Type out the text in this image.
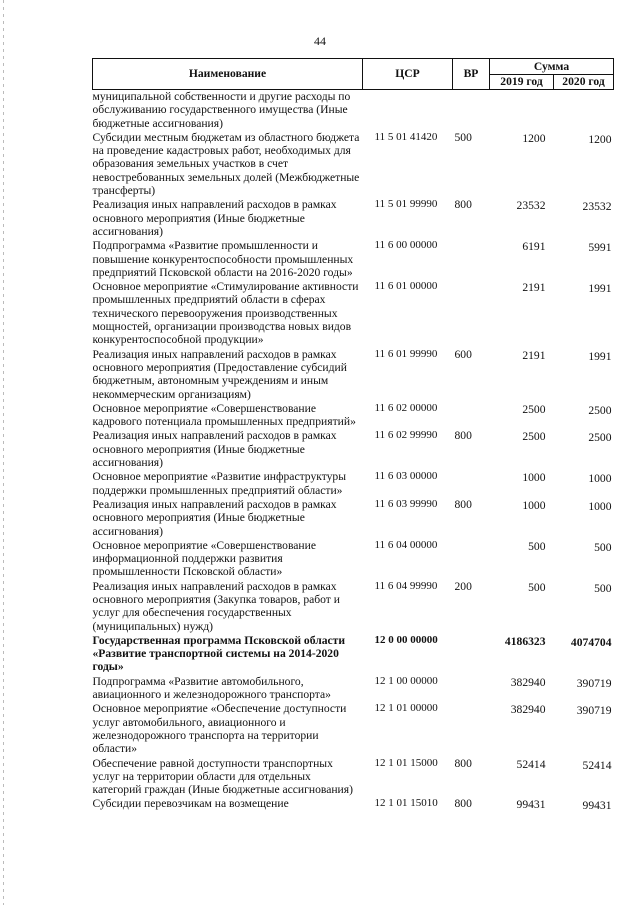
44
Наименование	ЦСР	ВР	Сумма	
			2019 год	2020 год
муниципальной собственности и другие расходы по обслуживанию государственного имущества (Иные бюджетные ассигнования)				
Субсидии местным бюджетам из областного бюджета на проведение кадастровых работ, необходимых для образования земельных участков в счет невостребованных земельных долей (Межбюджетные трансферты)	11 5 01 41420	500	1200	1200
Реализация иных направлений расходов в рамках основного мероприятия (Иные бюджетные ассигнования)	11 5 01 99990	800	23532	23532
Подпрограмма «Развитие промышленности и повышение конкурентоспособности промышленных предприятий Псковской области на 2016-2020 годы»	11 6 00 00000		6191	5991
Основное мероприятие «Стимулирование активности промышленных предприятий области в сферах технического перевооружения производственных мощностей, организации производства новых видов конкурентоспособной продукции»	11 6 01 00000		2191	1991
Реализация иных направлений расходов в рамках основного мероприятия (Предоставление субсидий бюджетным, автономным учреждениям и иным некоммерческим организациям)	11 6 01 99990	600	2191	1991
Основное мероприятие «Совершенствование кадрового потенциала промышленных предприятий»	11 6 02 00000		2500	2500
Реализация иных направлений расходов в рамках основного мероприятия (Иные бюджетные ассигнования)	11 6 02 99990	800	2500	2500
Основное мероприятие «Развитие инфраструктуры поддержки промышленных предприятий области»	11 6 03 00000		1000	1000
Реализация иных направлений расходов в рамках основного мероприятия (Иные бюджетные ассигнования)	11 6 03 99990	800	1000	1000
Основное мероприятие «Совершенствование информационной поддержки развития промышленности Псковской области»	11 6 04 00000		500	500
Реализация иных направлений расходов в рамках основного мероприятия (Закупка товаров, работ и услуг для обеспечения государственных (муниципальных) нужд)	11 6 04 99990	200	500	500
Государственная программа Псковской области «Развитие транспортной системы на 2014-2020 годы»	12 0 00 00000		4186323	4074704
Подпрограмма «Развитие автомобильного, авиационного и железнодорожного транспорта»	12 1 00 00000		382940	390719
Основное мероприятие «Обеспечение доступности услуг автомобильного, авиационного и железнодорожного транспорта на территории области»	12 1 01 00000		382940	390719
Обеспечение равной доступности транспортных услуг на территории области для отдельных категорий граждан (Иные бюджетные ассигнования)	12 1 01 15000	800	52414	52414
Субсидии перевозчикам на возмещение	12 1 01 15010	800	99431	99431
